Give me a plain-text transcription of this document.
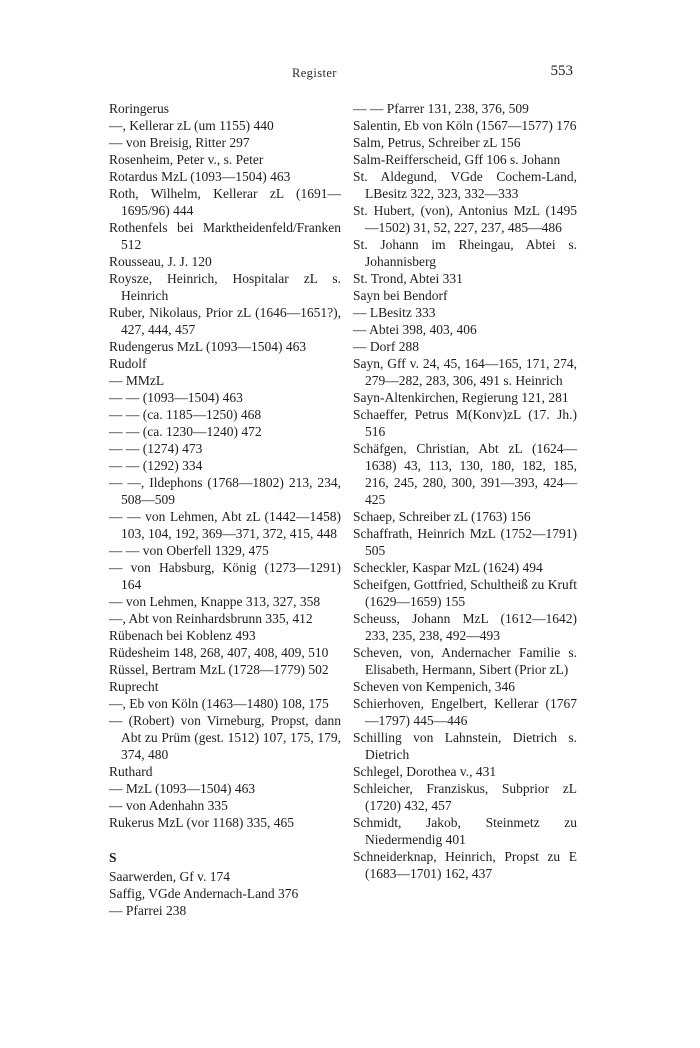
Register	553

Roringerus

—, Kellerar zL (um 1155) 440

— von Breisig, Ritter 297

Rosenheim, Peter v., s. Peter

Rotardus MzL (1093—1504) 463

Roth, Wilhelm, Kellerar zL (1691—1695/96) 444

Rothenfels bei Marktheidenfeld/Franken 512

Rousseau, J. J. 120

Roysze, Heinrich, Hospitalar zL s. Heinrich

Ruber, Nikolaus, Prior zL (1646—1651?), 427, 444, 457

Rudengerus MzL (1093—1504) 463

Rudolf

— MMzL

— — (1093—1504) 463

— — (ca. 1185—1250) 468

— — (ca. 1230—1240) 472

— — (1274) 473

— — (1292) 334

— —, Ildephons (1768—1802) 213, 234, 508—509

— — von Lehmen, Abt zL (1442—1458) 103, 104, 192, 369—371, 372, 415, 448

— — von Oberfell 1329, 475

— von Habsburg, König (1273—1291) 164

— von Lehmen, Knappe 313, 327, 358

—, Abt von Reinhardsbrunn 335, 412

Rübenach bei Koblenz 493

Rüdesheim 148, 268, 407, 408, 409, 510

Rüssel, Bertram MzL (1728—1779) 502

Ruprecht

—, Eb von Köln (1463—1480) 108, 175

— (Robert) von Virneburg, Propst, dann Abt zu Prüm (gest. 1512) 107, 175, 179, 374, 480

Ruthard

— MzL (1093—1504) 463

— von Adenhahn 335

Rukerus MzL (vor 1168) 335, 465

S

Saarwerden, Gf v. 174

Saffig, VGde Andernach-Land 376

— Pfarrei 238

— — Pfarrer 131, 238, 376, 509

Salentin, Eb von Köln (1567—1577) 176

Salm, Petrus, Schreiber zL 156

Salm-Reifferscheid, Gff 106 s. Johann

St. Aldegund, VGde Cochem-Land, LBesitz 322, 323, 332—333

St. Hubert, (von), Antonius MzL (1495—1502) 31, 52, 227, 237, 485—486

St. Johann im Rheingau, Abtei s. Johannisberg

St. Trond, Abtei 331

Sayn bei Bendorf

— LBesitz 333

— Abtei 398, 403, 406

— Dorf 288

Sayn, Gff v. 24, 45, 164—165, 171, 274, 279—282, 283, 306, 491 s. Heinrich

Sayn-Altenkirchen, Regierung 121, 281

Schaeffer, Petrus M(Konv)zL (17. Jh.) 516

Schäfgen, Christian, Abt zL (1624—1638) 43, 113, 130, 180, 182, 185, 216, 245, 280, 300, 391—393, 424—425

Schaep, Schreiber zL (1763) 156

Schaffrath, Heinrich MzL (1752—1791) 505

Scheckler, Kaspar MzL (1624) 494

Scheifgen, Gottfried, Schultheiß zu Kruft (1629—1659) 155

Scheuss, Johann MzL (1612—1642) 233, 235, 238, 492—493

Scheven, von, Andernacher Familie s. Elisabeth, Hermann, Sibert (Prior zL)

Scheven von Kempenich, 346

Schierhoven, Engelbert, Kellerar (1767—1797) 445—446

Schilling von Lahnstein, Dietrich s. Dietrich

Schlegel, Dorothea v., 431

Schleicher, Franziskus, Subprior zL (1720) 432, 457

Schmidt, Jakob, Steinmetz zu Niedermendig 401

Schneiderknap, Heinrich, Propst zu E (1683—1701) 162, 437
